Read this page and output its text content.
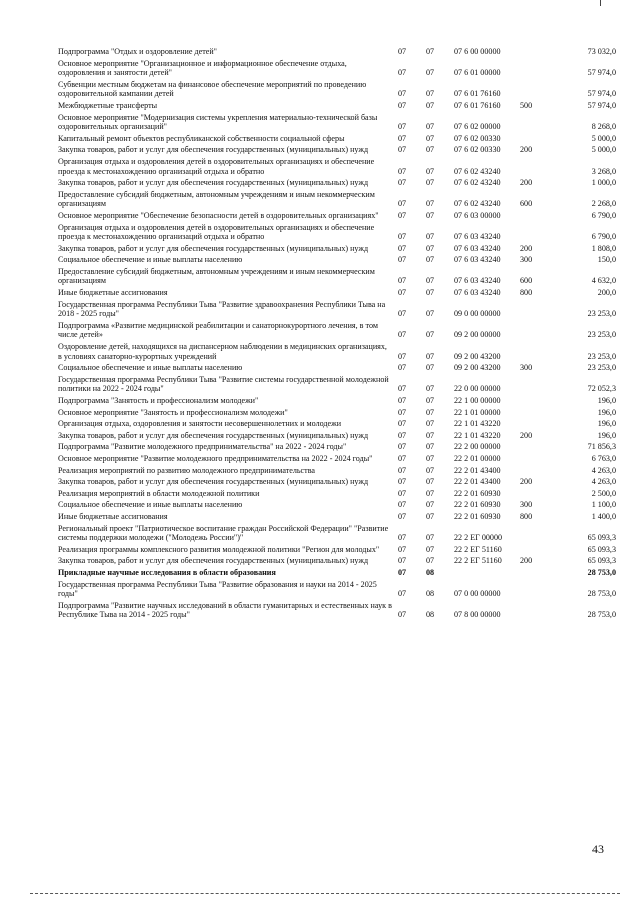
Подпрограмма "Отдых и оздоровление детей"	07	07	07 6 00 00000		73 032,0
Основное мероприятие "Организационное и информационное обеспечение отдыха, оздоровления и занятости детей"	07	07	07 6 01 00000		57 974,0
Субвенции местным бюджетам на финансовое обеспечение мероприятий по проведению оздоровительной кампании детей	07	07	07 6 01 76160		57 974,0
Межбюджетные трансферты	07	07	07 6 01 76160	500	57 974,0
Основное мероприятие "Модернизация системы укрепления материально-технической базы оздоровительных организаций"	07	07	07 6 02 00000		8 268,0
Капитальный ремонт объектов республиканской собственности социальной сферы	07	07	07 6 02 00330		5 000,0
Закупка товаров, работ и услуг для обеспечения государственных (муниципальных) нужд	07	07	07 6 02 00330	200	5 000,0
Организация отдыха и оздоровления детей в оздоровительных организациях и обеспечение проезда к местонахождению организаций отдыха и обратно	07	07	07 6 02 43240		3 268,0
Закупка товаров, работ и услуг для обеспечения государственных (муниципальных) нужд	07	07	07 6 02 43240	200	1 000,0
Предоставление субсидий бюджетным, автономным учреждениям и иным некоммерческим организациям	07	07	07 6 02 43240	600	2 268,0
Основное мероприятие "Обеспечение безопасности детей в оздоровительных организациях"	07	07	07 6 03 00000		6 790,0
Организация отдыха и оздоровления детей в оздоровительных организациях и обеспечение проезда к местонахождению организаций отдыха и обратно	07	07	07 6 03 43240		6 790,0
Закупка товаров, работ и услуг для обеспечения государственных (муниципальных) нужд	07	07	07 6 03 43240	200	1 808,0
Социальное обеспечение и иные выплаты населению	07	07	07 6 03 43240	300	150,0
Предоставление субсидий бюджетным, автономным учреждениям и иным некоммерческим организациям	07	07	07 6 03 43240	600	4 632,0
Иные бюджетные ассигнования	07	07	07 6 03 43240	800	200,0
Государственная программа Республики Тыва "Развитие здравоохранения Республики Тыва на 2018 - 2025 годы"	07	07	09 0 00 00000		23 253,0
Подпрограмма «Развитие медицинской реабилитации и санаторнокурортного лечения, в том числе детей»	07	07	09 2 00 00000		23 253,0
Оздоровление детей, находящихся на диспансерном наблюдении в медицинских организациях, в условиях санаторно-курортных учреждений	07	07	09 2 00 43200		23 253,0
Социальное обеспечение и иные выплаты населению	07	07	09 2 00 43200	300	23 253,0
Государственная программа Республики Тыва "Развитие системы государственной молодежной политики на 2022 - 2024 годы"	07	07	22 0 00 00000		72 052,3
Подпрограмма "Занятость и профессионализм молодежи"	07	07	22 1 00 00000		196,0
Основное мероприятие "Занятость и профессионализм молодежи"	07	07	22 1 01 00000		196,0
Организация отдыха, оздоровления и занятости несовершеннолетних и молодежи	07	07	22 1 01 43220		196,0
Закупка товаров, работ и услуг для обеспечения государственных (муниципальных) нужд	07	07	22 1 01 43220	200	196,0
Подпрограмма "Развитие молодежного предпринимательства" на 2022 - 2024 годы"	07	07	22 2 00 00000		71 856,3
Основное мероприятие "Развитие молодежного предпринимательства на 2022 - 2024 годы"	07	07	22 2 01 00000		6 763,0
Реализация мероприятий по развитию молодежного предпринимательства	07	07	22 2 01 43400		4 263,0
Закупка товаров, работ и услуг для обеспечения государственных (муниципальных) нужд	07	07	22 2 01 43400	200	4 263,0
Реализация мероприятий в области молодежной политики	07	07	22 2 01 60930		2 500,0
Социальное обеспечение и иные выплаты населению	07	07	22 2 01 60930	300	1 100,0
Иные бюджетные ассигнования	07	07	22 2 01 60930	800	1 400,0
Региональный проект "Патриотическое воспитание граждан Российской Федерации" "Развитие системы поддержки молодежи ("Молодежь России")"	07	07	22 2 ЕГ 00000		65 093,3
Реализация программы комплексного развития молодежной политики "Регион для молодых"	07	07	22 2 ЕГ 51160		65 093,3
Закупка товаров, работ и услуг для обеспечения государственных (муниципальных) нужд	07	07	22 2 ЕГ 51160	200	65 093,3
Прикладные научные исследования в области образования	07	08			28 753,0
Государственная программа Республики Тыва "Развитие образования и науки на 2014 - 2025 годы"	07	08	07 0 00 00000		28 753,0
Подпрограмма "Развитие научных исследований в области гуманитарных и естественных наук в Республике Тыва на 2014 - 2025 годы"	07	08	07 8 00 00000		28 753,0
43
